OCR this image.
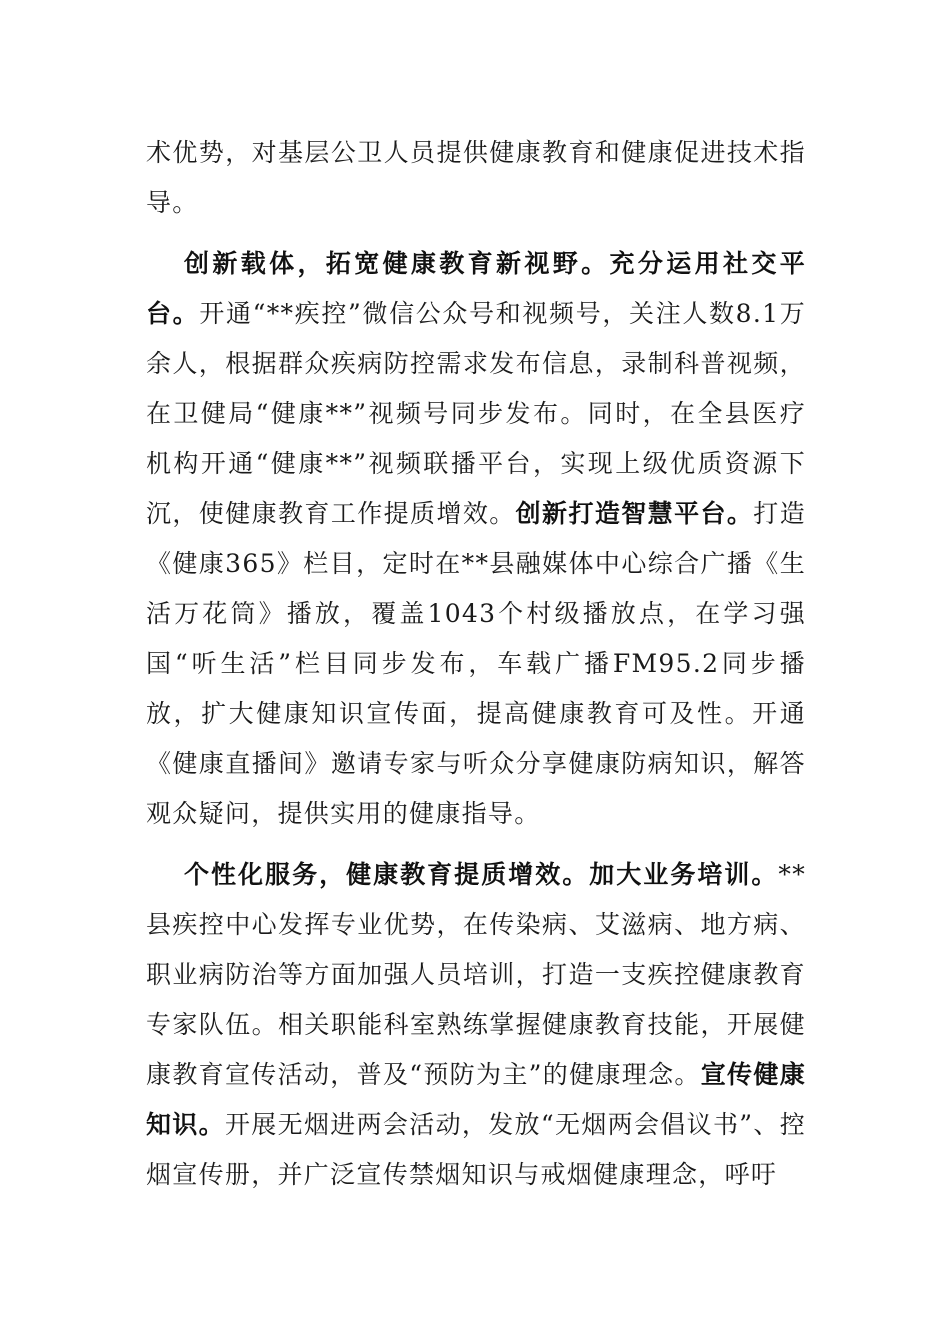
术优势，对基层公卫人员提供健康教育和健康促进技术指导。

创新载体，拓宽健康教育新视野。充分运用社交平台。开通“**疾控”微信公众号和视频号，关注人数8.1万余人，根据群众疾病防控需求发布信息，录制科普视频，在卫健局“健康**”视频号同步发布。同时，在全县医疗机构开通“健康**”视频联播平台，实现上级优质资源下沉，使健康教育工作提质增效。创新打造智慧平台。打造《健康365》栏目，定时在**县融媒体中心综合广播《生活万花筒》播放，覆盖1043个村级播放点，在学习强国“听生活”栏目同步发布，车载广播FM95.2同步播放，扩大健康知识宣传面，提高健康教育可及性。开通《健康直播间》邀请专家与听众分享健康防病知识，解答观众疑问，提供实用的健康指导。

个性化服务，健康教育提质增效。加大业务培训。**县疾控中心发挥专业优势，在传染病、艾滋病、地方病、职业病防治等方面加强人员培训，打造一支疾控健康教育专家队伍。相关职能科室熟练掌握健康教育技能，开展健康教育宣传活动，普及“预防为主”的健康理念。宣传健康知识。开展无烟进两会活动，发放“无烟两会倡议书”、控烟宣传册，并广泛宣传禁烟知识与戒烟健康理念，呼吁
